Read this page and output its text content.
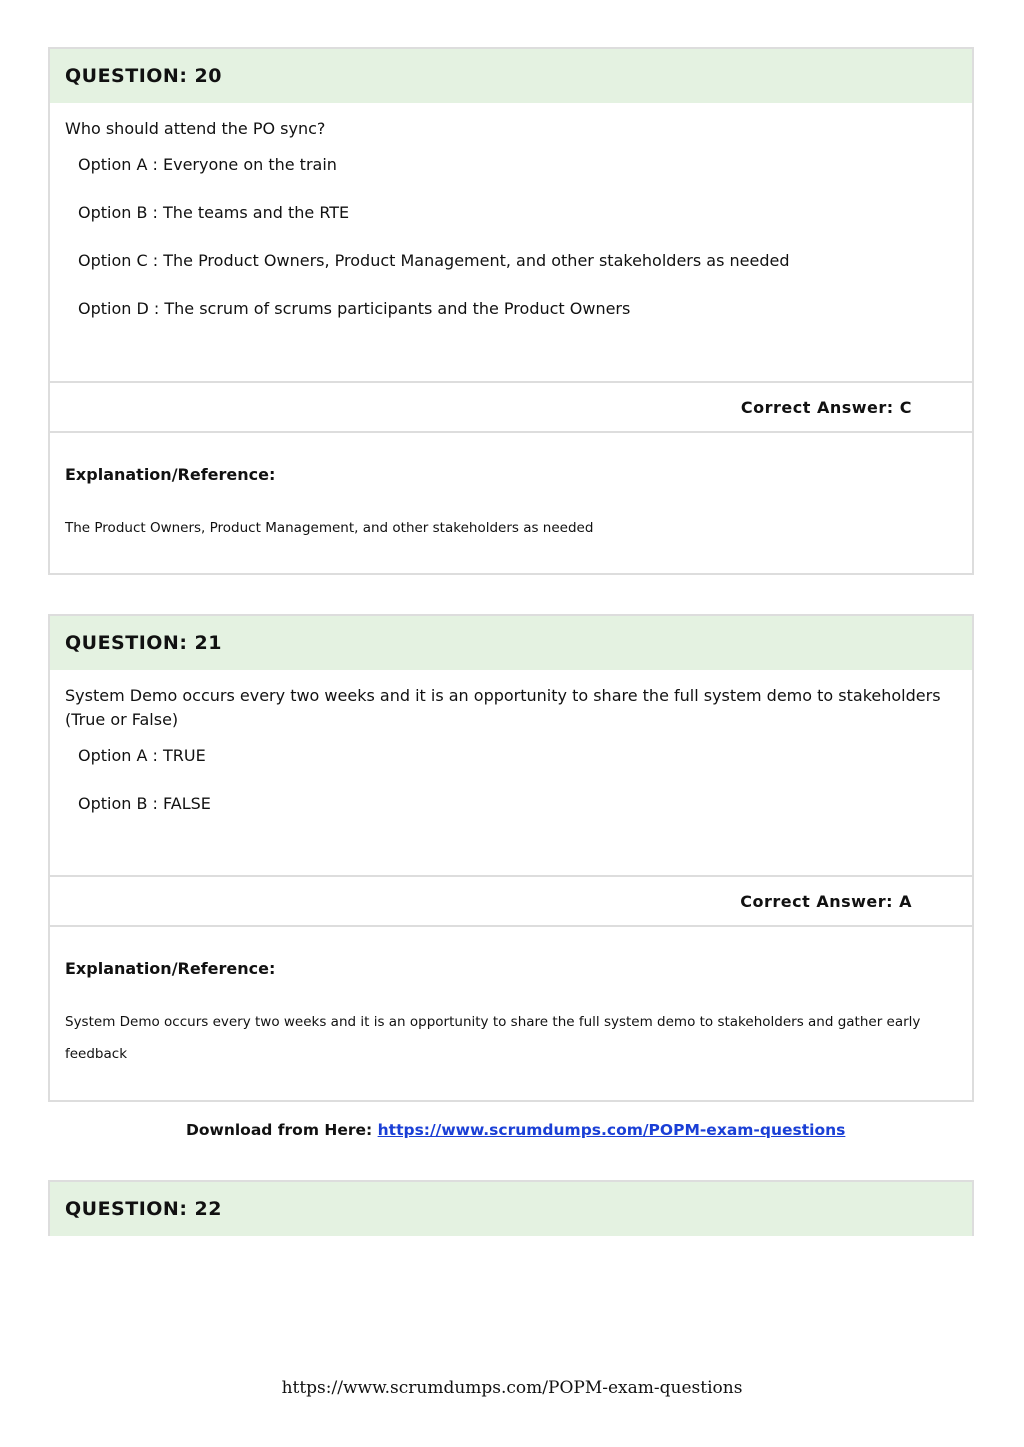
QUESTION: 20
Who should attend the PO sync?
Option A : Everyone on the train
Option B : The teams and the RTE
Option C : The Product Owners, Product Management, and other stakeholders as needed
Option D : The scrum of scrums participants and the Product Owners
Correct Answer: C
Explanation/Reference:
The Product Owners, Product Management, and other stakeholders as needed
QUESTION: 21
System Demo occurs every two weeks and it is an opportunity to share the full system demo to stakeholders (True or False)
Option A : TRUE
Option B : FALSE
Correct Answer: A
Explanation/Reference:
System Demo occurs every two weeks and it is an opportunity to share the full system demo to stakeholders and gather early feedback
Download from Here: https://www.scrumdumps.com/POPM-exam-questions
QUESTION: 22
https://www.scrumdumps.com/POPM-exam-questions
